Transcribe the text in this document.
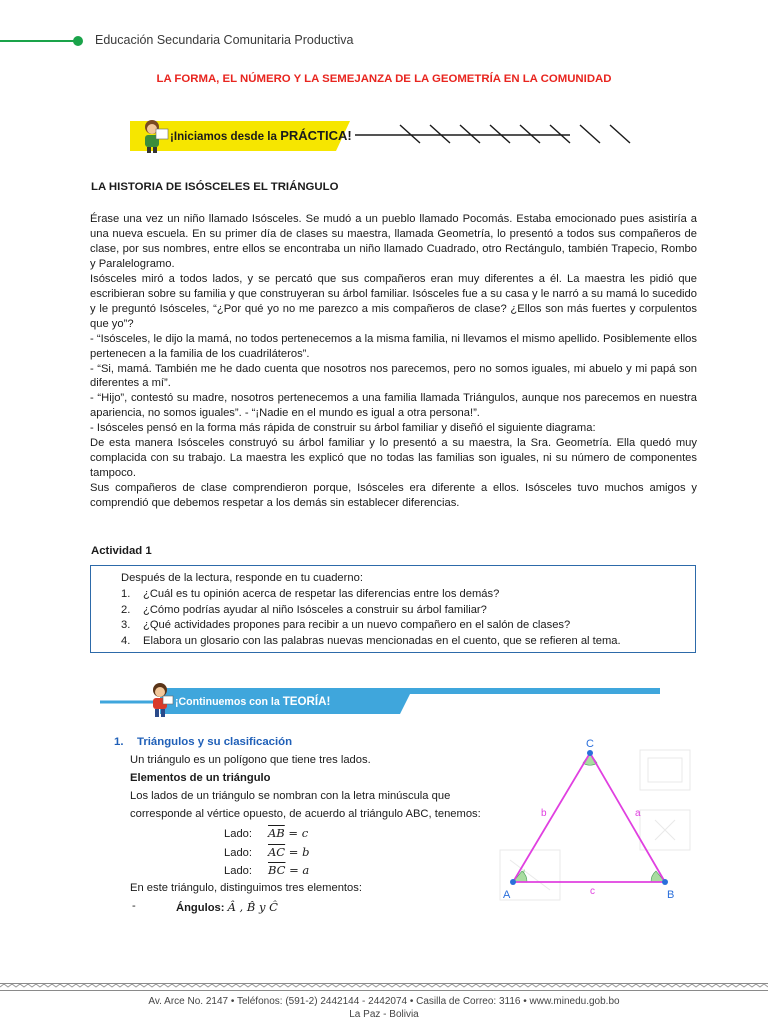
Educación Secundaria Comunitaria Productiva
LA FORMA, EL NÚMERO Y LA SEMEJANZA DE LA GEOMETRÍA EN LA COMUNIDAD
¡Iniciamos desde la PRÁCTICA!
LA HISTORIA DE ISÓSCELES EL TRIÁNGULO

Érase una vez un niño llamado Isósceles. Se mudó a un pueblo llamado Pocomás. Estaba emocionado pues asistiría a una nueva escuela. En su primer día de clases su maestra, llamada Geometría, lo presentó a todos sus compañeros de clase, por sus nombres, entre ellos se encontraba un niño llamado Cuadrado, otro Rectángulo, también Trapecio, Rombo y Paralelogramo.

Isósceles miró a todos lados, y se percató que sus compañeros eran muy diferentes a él. La maestra les pidió que escribieran sobre su familia y que construyeran su árbol familiar. Isósceles fue a su casa y le narró a su mamá lo sucedido y le preguntó Isósceles, “¿Por qué yo no me parezco a mis compañeros de clase? ¿Ellos son más fuertes y corpulentos que yo”?

- “Isósceles, le dijo la mamá, no todos pertenecemos a la misma familia, ni llevamos el mismo apellido. Posiblemente ellos pertenecen a la familia de los cuadriláteros”.

- “Si, mamá. También me he dado cuenta que nosotros nos parecemos, pero no somos iguales, mi abuelo y mi papá son diferentes a mí”.

- “Hijo”, contestó su madre, nosotros pertenecemos a una familia llamada Triángulos, aunque nos parecemos en nuestra apariencia, no somos iguales”. - “¡Nadie en el mundo es igual a otra persona!”.

- Isósceles pensó en la forma más rápida de construir su árbol familiar y diseñó el siguiente diagrama:

De esta manera Isósceles construyó su árbol familiar y lo presentó a su maestra, la Sra. Geometría. Ella quedó muy complacida con su trabajo. La maestra les explicó que no todas las familias son iguales, ni su número de componentes tampoco.

Sus compañeros de clase comprendieron porque, Isósceles era diferente a ellos. Isósceles tuvo muchos amigos y comprendió que debemos respetar a los demás sin establecer diferencias.

Actividad 1
Después de la lectura, responde en tu cuaderno:
1. ¿Cuál es tu opinión acerca de respetar las diferencias entre los demás?
2. ¿Cómo podrías ayudar al niño Isósceles a construir su árbol familiar?
3. ¿Qué actividades propones para recibir a un nuevo compañero en el salón de clases?
4. Elabora un glosario con las palabras nuevas mencionadas en el cuento, que se refieren al tema.
¡Continuemos con la TEORÍA!
1. Triángulos y su clasificación
Un triángulo es un polígono que tiene tres lados.
Elementos de un triángulo
Los lados de un triángulo se nombran con la letra minúscula que
corresponde al vértice opuesto, de acuerdo al triángulo ABC, tenemos:
Lado: $\overline{AB} = c$
Lado: $\overline{AC} = b$
Lado: $\overline{BC} = a$
En este triángulo, distinguimos tres elementos:
-	Ángulos: Â , B̂ y Ĉ
A	B
C
a
b
c
Av. Arce No. 2147 • Teléfonos: (591-2) 2442144 - 2442074 • Casilla de Correo: 3116 • www.minedu.gob.bo
La Paz - Bolivia
